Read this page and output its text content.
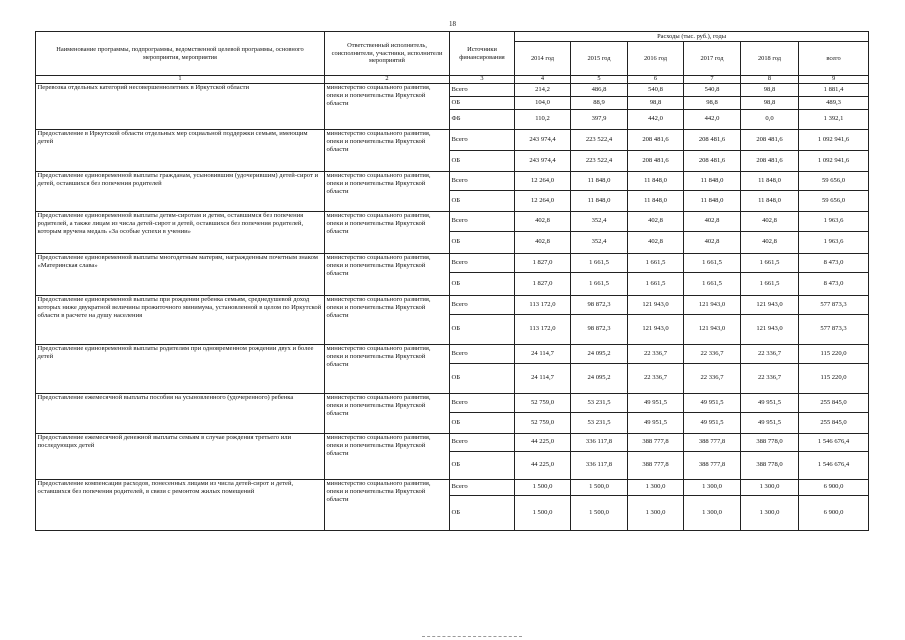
18
Наименование программы, подпрограммы, ведомственной целевой программы, основного мероприятия, мероприятия	Ответственный исполнитель, соисполнители, участники, исполнители мероприятий	Источники финансирования	Расходы (тыс. руб.), годы					
			2014 год	2015 год	2016 год	2017 год	2018 год	всего
1	2	3	4	5	6	7	8	9
Перевозка отдельных категорий несовершеннолетних в Иркутской области	министерство социального развития, опеки и попечительства Иркутской области	Всего	214,2	486,8	540,8	540,8	98,8	1 881,4
		ОБ	104,0	88,9	98,8	98,8	98,8	489,3
		ФБ	110,2	397,9	442,0	442,0	0,0	1 392,1
Предоставление в Иркутской области отдельных мер социальной поддержки семьям, имеющим детей	министерство социального развития, опеки и попечительства Иркутской области	Всего	243 974,4	223 522,4	208 481,6	208 481,6	208 481,6	1 092 941,6
		ОБ	243 974,4	223 522,4	208 481,6	208 481,6	208 481,6	1 092 941,6
Предоставление единовременной выплаты гражданам, усыновившим (удочерившим) детей-сирот и детей, оставшихся без попечения родителей	министерство социального развития, опеки и попечительства Иркутской области	Всего	12 264,0	11 848,0	11 848,0	11 848,0	11 848,0	59 656,0
		ОБ	12 264,0	11 848,0	11 848,0	11 848,0	11 848,0	59 656,0
Предоставление единовременной выплаты детям-сиротам и детям, оставшимся без попечения родителей, а также лицам из числа детей-сирот и детей, оставшихся без попечения родителей, которым вручена медаль «За особые успехи в учении»	министерство социального развития, опеки и попечительства Иркутской области	Всего	402,8	352,4	402,8	402,8	402,8	1 963,6
		ОБ	402,8	352,4	402,8	402,8	402,8	1 963,6
Предоставление единовременной выплаты многодетным матерям, награжденным почетным знаком «Материнская слава»	министерство социального развития, опеки и попечительства Иркутской области	Всего	1 827,0	1 661,5	1 661,5	1 661,5	1 661,5	8 473,0
		ОБ	1 827,0	1 661,5	1 661,5	1 661,5	1 661,5	8 473,0
Предоставление единовременной выплаты при рождении ребенка семьям, среднедушевой доход которых ниже двукратной величины прожиточного минимума, установленной в целом по Иркутской области в расчете на душу населения	министерство социального развития, опеки и попечительства Иркутской области	Всего	113 172,0	98 872,3	121 943,0	121 943,0	121 943,0	577 873,3
		ОБ	113 172,0	98 872,3	121 943,0	121 943,0	121 943,0	577 873,3
Предоставление единовременной выплаты родителям при одновременном рождении двух и более детей	министерство социального развития, опеки и попечительства Иркутской области	Всего	24 114,7	24 095,2	22 336,7	22 336,7	22 336,7	115 220,0
		ОБ	24 114,7	24 095,2	22 336,7	22 336,7	22 336,7	115 220,0
Предоставление ежемесячной выплаты пособия на усыновленного (удочеренного) ребенка	министерство социального развития, опеки и попечительства Иркутской области	Всего	52 759,0	53 231,5	49 951,5	49 951,5	49 951,5	255 845,0
		ОБ	52 759,0	53 231,5	49 951,5	49 951,5	49 951,5	255 845,0
Предоставление ежемесячной денежной выплаты семьям в случае рождения третьего или последующих детей	министерство социального развития, опеки и попечительства Иркутской области	Всего	44 225,0	336 117,8	388 777,8	388 777,8	388 778,0	1 546 676,4
		ОБ	44 225,0	336 117,8	388 777,8	388 777,8	388 778,0	1 546 676,4
Предоставление компенсации расходов, понесенных лицами из числа детей-сирот и детей, оставшихся без попечения родителей, в связи с ремонтом жилых помещений	министерство социального развития, опеки и попечительства Иркутской области	Всего	1 500,0	1 500,0	1 300,0	1 300,0	1 300,0	6 900,0
		ОБ	1 500,0	1 500,0	1 300,0	1 300,0	1 300,0	6 900,0
